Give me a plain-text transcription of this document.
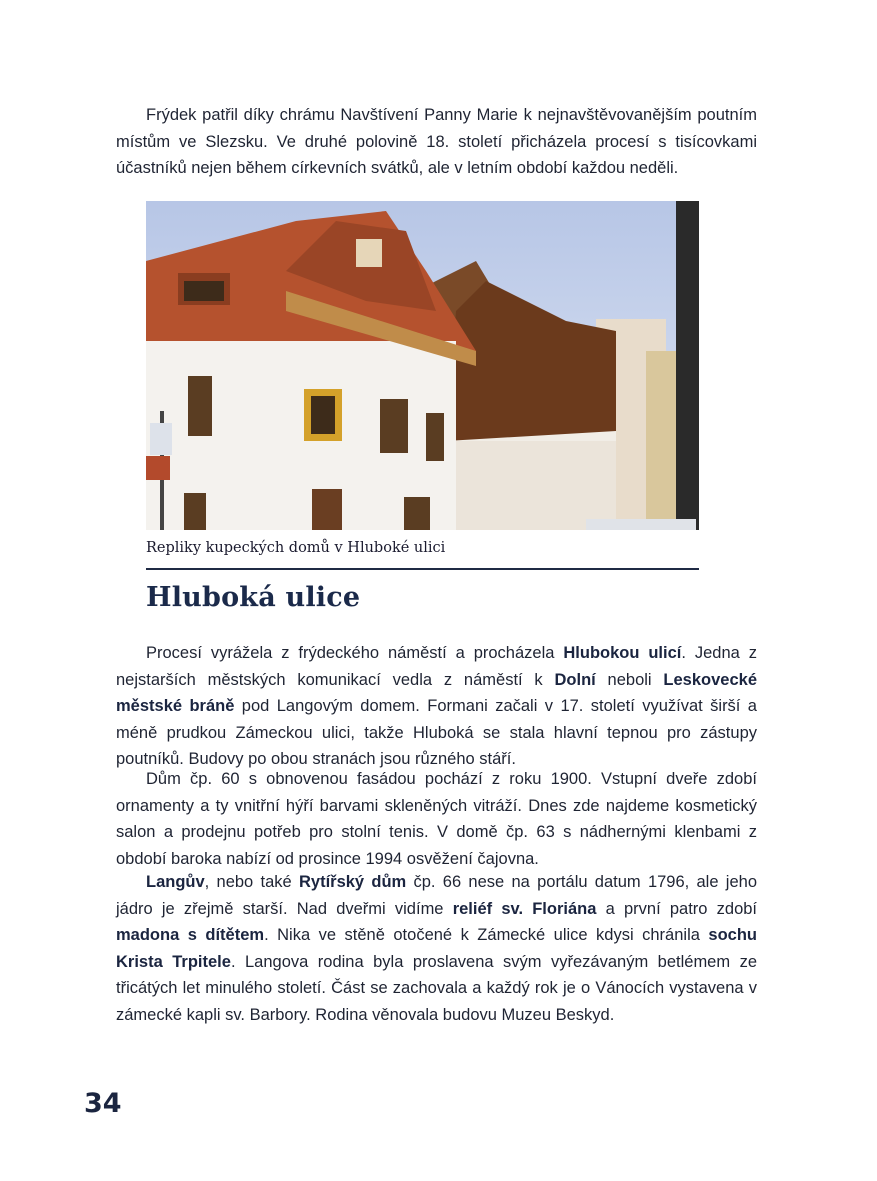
Frýdek patřil díky chrámu Navštívení Panny Marie k nejnavštěvovanějším poutním místům ve Slezsku. Ve druhé polovině 18. století přicházela procesí s tisícovkami účastníků nejen během církevních svátků, ale v letním období každou neděli.

Repliky kupeckých domů v Hluboké ulici

Hluboká ulice

Procesí vyrážela z frýdeckého náměstí a procházela Hlubokou ulicí. Jedna z nejstarších městských komunikací vedla z náměstí k Dolní neboli Leskovecké městské bráně pod Langovým domem. Formani začali v 17. století využívat širší a méně prudkou Zámeckou ulici, takže Hluboká se stala hlavní tepnou pro zástupy poutníků. Budovy po obou stranách jsou různého stáří.

Dům čp. 60 s obnovenou fasádou pochází z roku 1900. Vstupní dveře zdobí ornamenty a ty vnitřní hýří barvami skleněných vitráží. Dnes zde najdeme kosmetický salon a prodejnu potřeb pro stolní tenis. V domě čp. 63 s nádhernými klenbami z období baroka nabízí od prosince 1994 osvěžení čajovna.

Langův, nebo také Rytířský dům čp. 66 nese na portálu datum 1796, ale jeho jádro je zřejmě starší. Nad dveřmi vidíme reliéf sv. Floriána a první patro zdobí madona s dítětem. Nika ve stěně otočené k Zámecké ulice kdysi chránila sochu Krista Trpitele. Langova rodina byla proslavena svým vyřezávaným betlémem ze třicátých let minulého století. Část se zachovala a každý rok je o Vánocích vystavena v zámecké kapli sv. Barbory. Rodina věnovala budovu Muzeu Beskyd.

34
